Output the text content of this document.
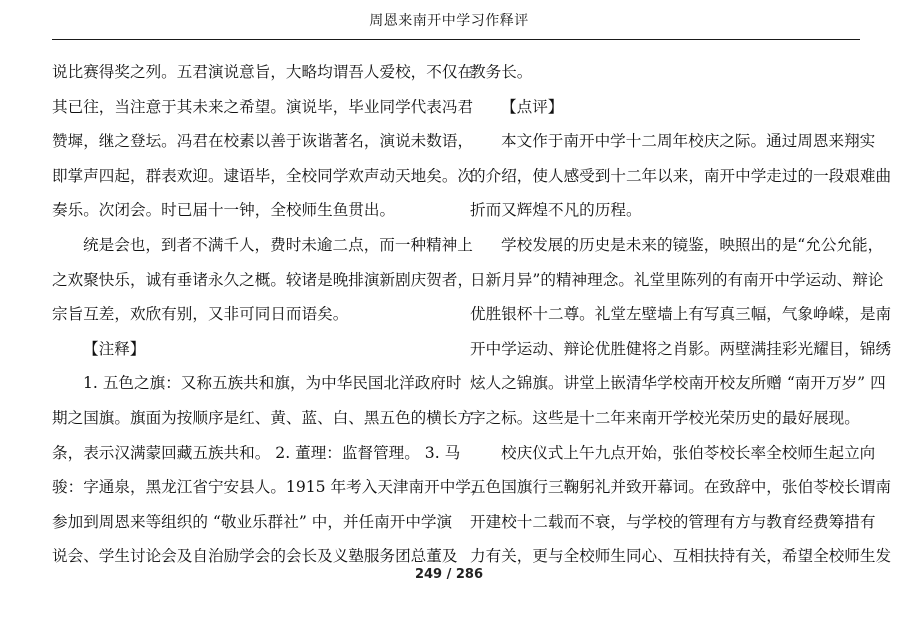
周恩来南开中学习作释评

说比赛得奖之列。五君演说意旨，大略均谓吾人爱校，不仅在

其已往，当注意于其未来之希望。演说毕，毕业同学代表冯君

赞墀，继之登坛。冯君在校素以善于诙谐著名，演说未数语，

即掌声四起，群表欢迎。逮语毕，全校同学欢声动天地矣。次

奏乐。次闭会。时已届十一钟，全校师生鱼贯出。

统是会也，到者不满千人，费时未逾二点，而一种精神上

之欢聚快乐，诚有垂诸永久之概。较诸是晚排演新剧庆贺者，

宗旨互差，欢欣有别，又非可同日而语矣。

【注释】

1. 五色之旗：又称五族共和旗，为中华民国北洋政府时

期之国旗。旗面为按顺序是红、黄、蓝、白、黑五色的横长方

条，表示汉满蒙回藏五族共和。 2. 董理：监督管理。 3. 马

骏：字通泉，黑龙江省宁安县人。1915 年考入天津南开中学，

参加到周恩来等组织的 “敬业乐群社” 中，并任南开中学演

说会、学生讨论会及自治励学会的会长及义塾服务团总董及

教务长。

【点评】

本文作于南开中学十二周年校庆之际。通过周恩来翔实

的介绍，使人感受到十二年以来，南开中学走过的一段艰难曲

折而又辉煌不凡的历程。

学校发展的历史是未来的镜鉴，映照出的是“允公允能，

日新月异”的精神理念。礼堂里陈列的有南开中学运动、辩论

优胜银杯十二尊。礼堂左壁墙上有写真三幅，气象峥嵘，是南

开中学运动、辩论优胜健将之肖影。两壁满挂彩光耀目，锦绣

炫人之锦旗。讲堂上嵌清华学校南开校友所赠 “南开万岁” 四

字之标。这些是十二年来南开学校光荣历史的最好展现。

校庆仪式上午九点开始，张伯苓校长率全校师生起立向

五色国旗行三鞠躬礼并致开幕词。在致辞中，张伯苓校长谓南

开建校十二载而不衰，与学校的管理有方与教育经费筹措有

力有关，更与全校师生同心、互相扶持有关，希望全校师生发

249 / 286
